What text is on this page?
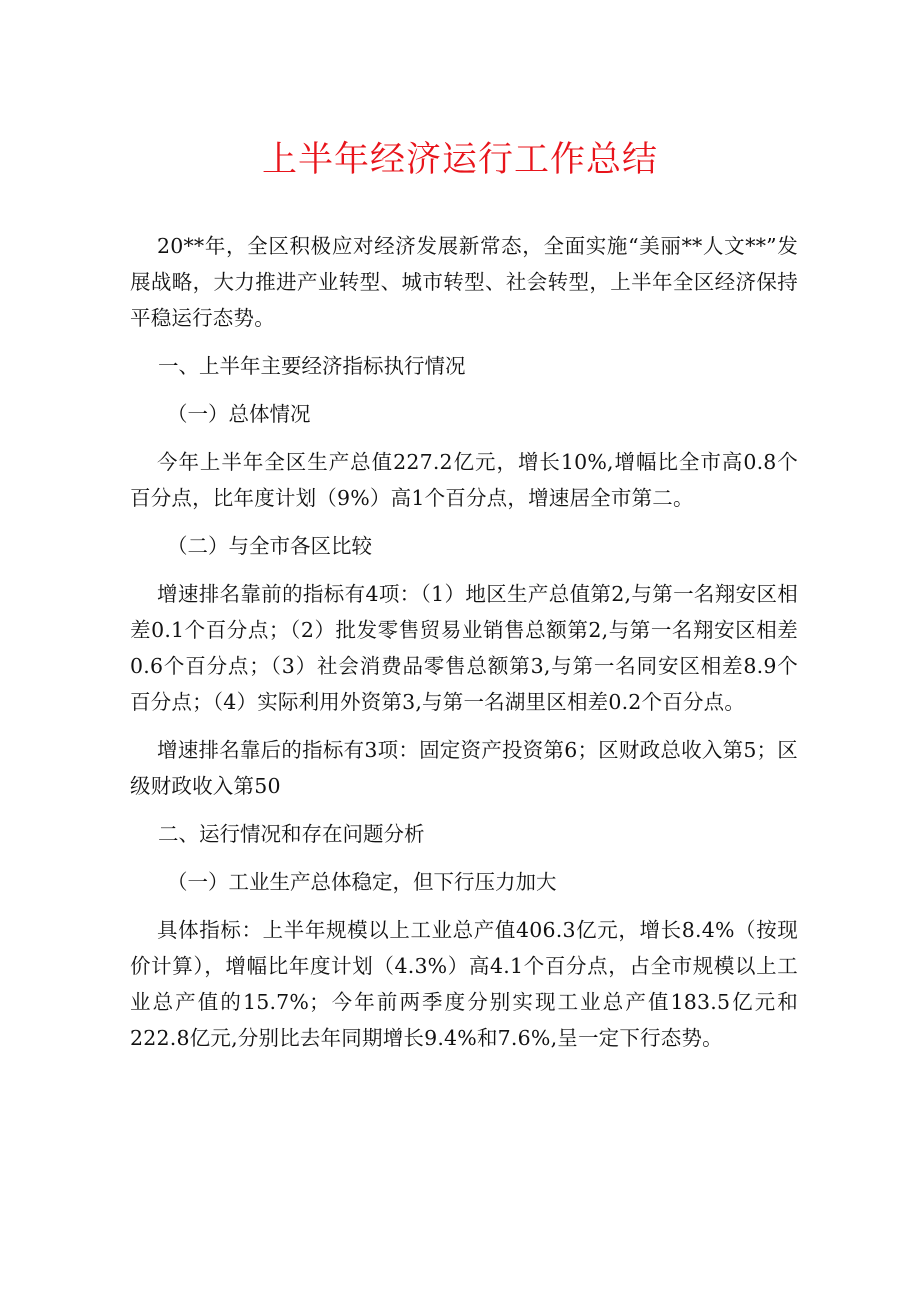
上半年经济运行工作总结

20**年，全区积极应对经济发展新常态，全面实施“美丽**人文**”发展战略，大力推进产业转型、城市转型、社会转型，上半年全区经济保持平稳运行态势。

一、上半年主要经济指标执行情况

（一）总体情况

今年上半年全区生产总值227.2亿元，增长10%,增幅比全市高0.8个百分点，比年度计划（9%）高1个百分点，增速居全市第二。

（二）与全市各区比较

增速排名靠前的指标有4项：（1）地区生产总值第2,与第一名翔安区相差0.1个百分点；（2）批发零售贸易业销售总额第2,与第一名翔安区相差0.6个百分点；（3）社会消费品零售总额第3,与第一名同安区相差8.9个百分点；（4）实际利用外资第3,与第一名湖里区相差0.2个百分点。

增速排名靠后的指标有3项：固定资产投资第6；区财政总收入第5；区级财政收入第50

二、运行情况和存在问题分析

（一）工业生产总体稳定，但下行压力加大

具体指标：上半年规模以上工业总产值406.3亿元，增长8.4%（按现价计算），增幅比年度计划（4.3%）高4.1个百分点，占全市规模以上工业总产值的15.7%；今年前两季度分别实现工业总产值183.5亿元和222.8亿元,分别比去年同期增长9.4%和7.6%,呈一定下行态势。
